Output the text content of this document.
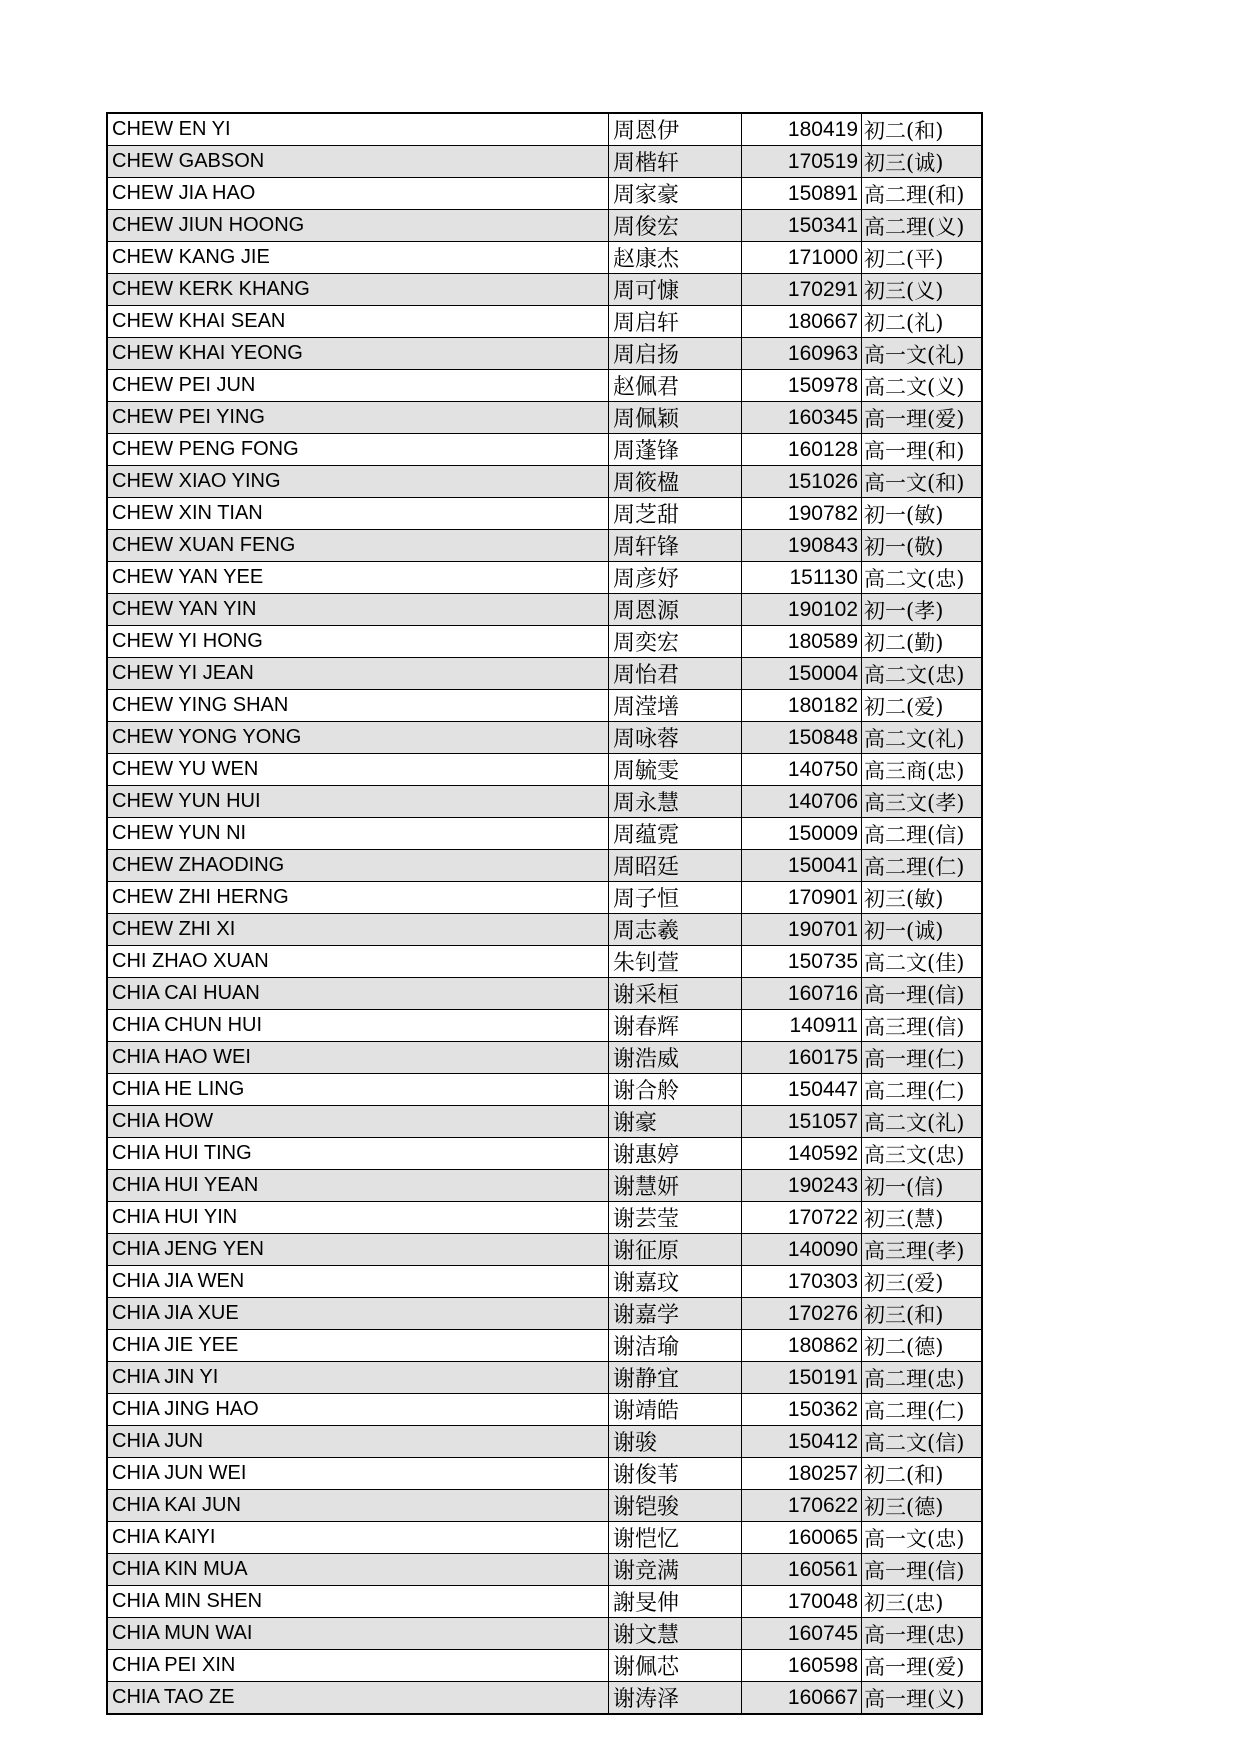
CHEW EN YI	周恩伊	180419	初二(和)
CHEW GABSON	周楷轩	170519	初三(诚)
CHEW JIA HAO	周家豪	150891	高二理(和)
CHEW JIUN HOONG	周俊宏	150341	高二理(义)
CHEW KANG JIE	赵康杰	171000	初二(平)
CHEW KERK KHANG	周可慷	170291	初三(义)
CHEW KHAI SEAN	周启轩	180667	初二(礼)
CHEW KHAI YEONG	周启扬	160963	高一文(礼)
CHEW PEI JUN	赵佩君	150978	高二文(义)
CHEW PEI YING	周佩颖	160345	高一理(爱)
CHEW PENG FONG	周蓬锋	160128	高一理(和)
CHEW XIAO YING	周筱楹	151026	高一文(和)
CHEW XIN TIAN	周芝甜	190782	初一(敏)
CHEW XUAN FENG	周轩锋	190843	初一(敬)
CHEW YAN YEE	周彦妤	151130	高二文(忠)
CHEW YAN YIN	周恩源	190102	初一(孝)
CHEW YI HONG	周奕宏	180589	初二(勤)
CHEW YI JEAN	周怡君	150004	高二文(忠)
CHEW YING SHAN	周滢墡	180182	初二(爱)
CHEW YONG YONG	周咏蓉	150848	高二文(礼)
CHEW YU WEN	周毓雯	140750	高三商(忠)
CHEW YUN HUI	周永慧	140706	高三文(孝)
CHEW YUN NI	周蕴霓	150009	高二理(信)
CHEW ZHAODING	周昭廷	150041	高二理(仁)
CHEW ZHI HERNG	周子恒	170901	初三(敏)
CHEW ZHI XI	周志羲	190701	初一(诚)
CHI ZHAO XUAN	朱钊萱	150735	高二文(佳)
CHIA CAI HUAN	谢采桓	160716	高一理(信)
CHIA CHUN HUI	谢春辉	140911	高三理(信)
CHIA HAO WEI	谢浩威	160175	高一理(仁)
CHIA HE LING	谢合舲	150447	高二理(仁)
CHIA HOW	谢豪	151057	高二文(礼)
CHIA HUI TING	谢惠婷	140592	高三文(忠)
CHIA HUI YEAN	谢慧妍	190243	初一(信)
CHIA HUI YIN	谢芸莹	170722	初三(慧)
CHIA JENG YEN	谢征原	140090	高三理(孝)
CHIA JIA WEN	谢嘉玟	170303	初三(爱)
CHIA JIA XUE	谢嘉学	170276	初三(和)
CHIA JIE YEE	谢洁瑜	180862	初二(德)
CHIA JIN YI	谢静宜	150191	高二理(忠)
CHIA JING HAO	谢靖皓	150362	高二理(仁)
CHIA JUN	谢骏	150412	高二文(信)
CHIA JUN WEI	谢俊苇	180257	初二(和)
CHIA KAI JUN	谢铠骏	170622	初三(德)
CHIA KAIYI	谢恺忆	160065	高一文(忠)
CHIA KIN MUA	谢竞满	160561	高一理(信)
CHIA MIN SHEN	謝旻伸	170048	初三(忠)
CHIA MUN WAI	谢文慧	160745	高一理(忠)
CHIA PEI XIN	谢佩芯	160598	高一理(爱)
CHIA TAO ZE	谢涛泽	160667	高一理(义)
